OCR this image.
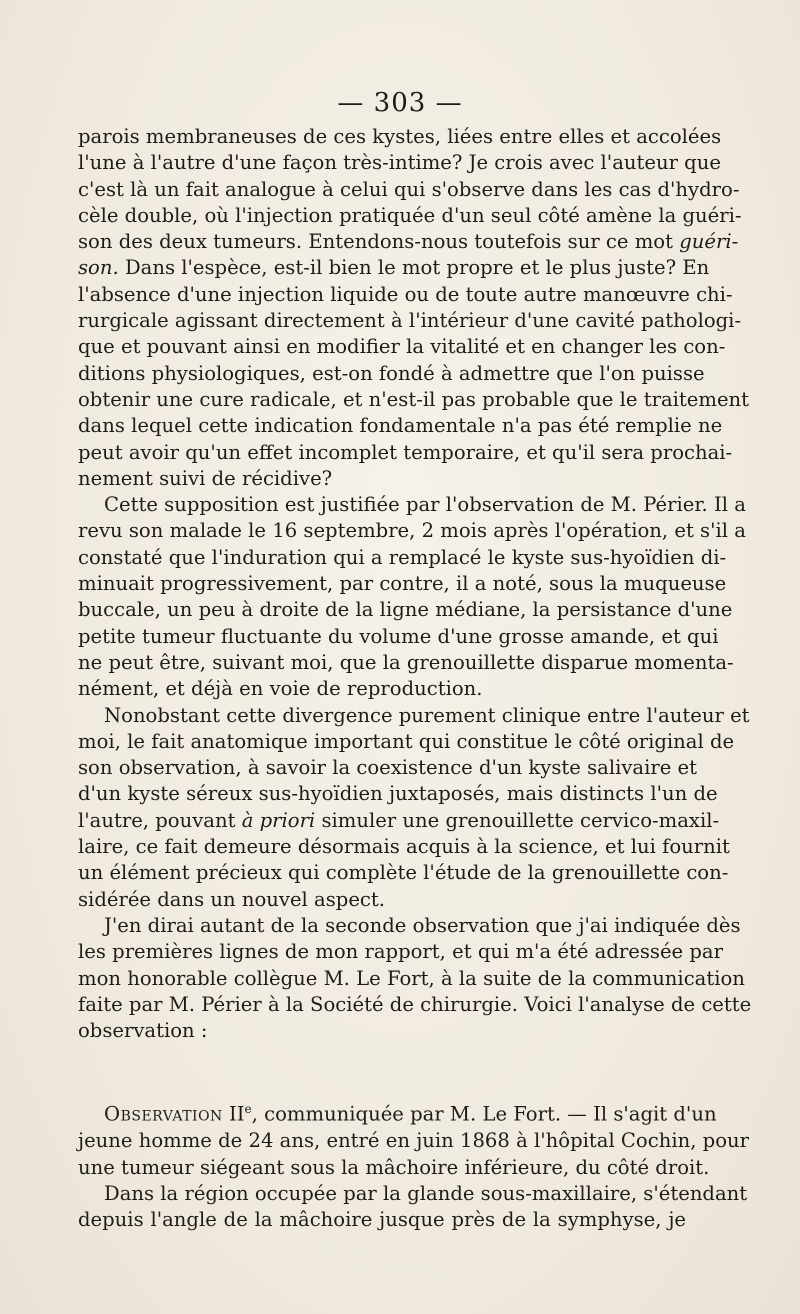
— 303 —
parois membraneuses de ces kystes, liées entre elles et accolées
l'une à l'autre d'une façon très-intime? Je crois avec l'auteur que
c'est là un fait analogue à celui qui s'observe dans les cas d'hydro-
cèle double, où l'injection pratiquée d'un seul côté amène la guéri-
son des deux tumeurs. Entendons-nous toutefois sur ce mot guéri-
son. Dans l'espèce, est-il bien le mot propre et le plus juste? En
l'absence d'une injection liquide ou de toute autre manœuvre chi-
rurgicale agissant directement à l'intérieur d'une cavité pathologi-
que et pouvant ainsi en modifier la vitalité et en changer les con-
ditions physiologiques, est-on fondé à admettre que l'on puisse
obtenir une cure radicale, et n'est-il pas probable que le traitement
dans lequel cette indication fondamentale n'a pas été remplie ne
peut avoir qu'un effet incomplet temporaire, et qu'il sera prochai-
nement suivi de récidive?
Cette supposition est justifiée par l'observation de M. Périer. Il a
revu son malade le 16 septembre, 2 mois après l'opération, et s'il a
constaté que l'induration qui a remplacé le kyste sus-hyoïdien di-
minuait progressivement, par contre, il a noté, sous la muqueuse
buccale, un peu à droite de la ligne médiane, la persistance d'une
petite tumeur fluctuante du volume d'une grosse amande, et qui
ne peut être, suivant moi, que la grenouillette disparue momenta-
nément, et déjà en voie de reproduction.
Nonobstant cette divergence purement clinique entre l'auteur et
moi, le fait anatomique important qui constitue le côté original de
son observation, à savoir la coexistence d'un kyste salivaire et
d'un kyste séreux sus-hyoïdien juxtaposés, mais distincts l'un de
l'autre, pouvant à priori simuler une grenouillette cervico-maxil-
laire, ce fait demeure désormais acquis à la science, et lui fournit
un élément précieux qui complète l'étude de la grenouillette con-
sidérée dans un nouvel aspect.
J'en dirai autant de la seconde observation que j'ai indiquée dès
les premières lignes de mon rapport, et qui m'a été adressée par
mon honorable collègue M. Le Fort, à la suite de la communication
faite par M. Périer à la Société de chirurgie. Voici l'analyse de cette
observation :
Observation IIe, communiquée par M. Le Fort. — Il s'agit d'un
jeune homme de 24 ans, entré en juin 1868 à l'hôpital Cochin, pour
une tumeur siégeant sous la mâchoire inférieure, du côté droit.
Dans la région occupée par la glande sous-maxillaire, s'étendant
depuis l'angle de la mâchoire jusque près de la symphyse, je
